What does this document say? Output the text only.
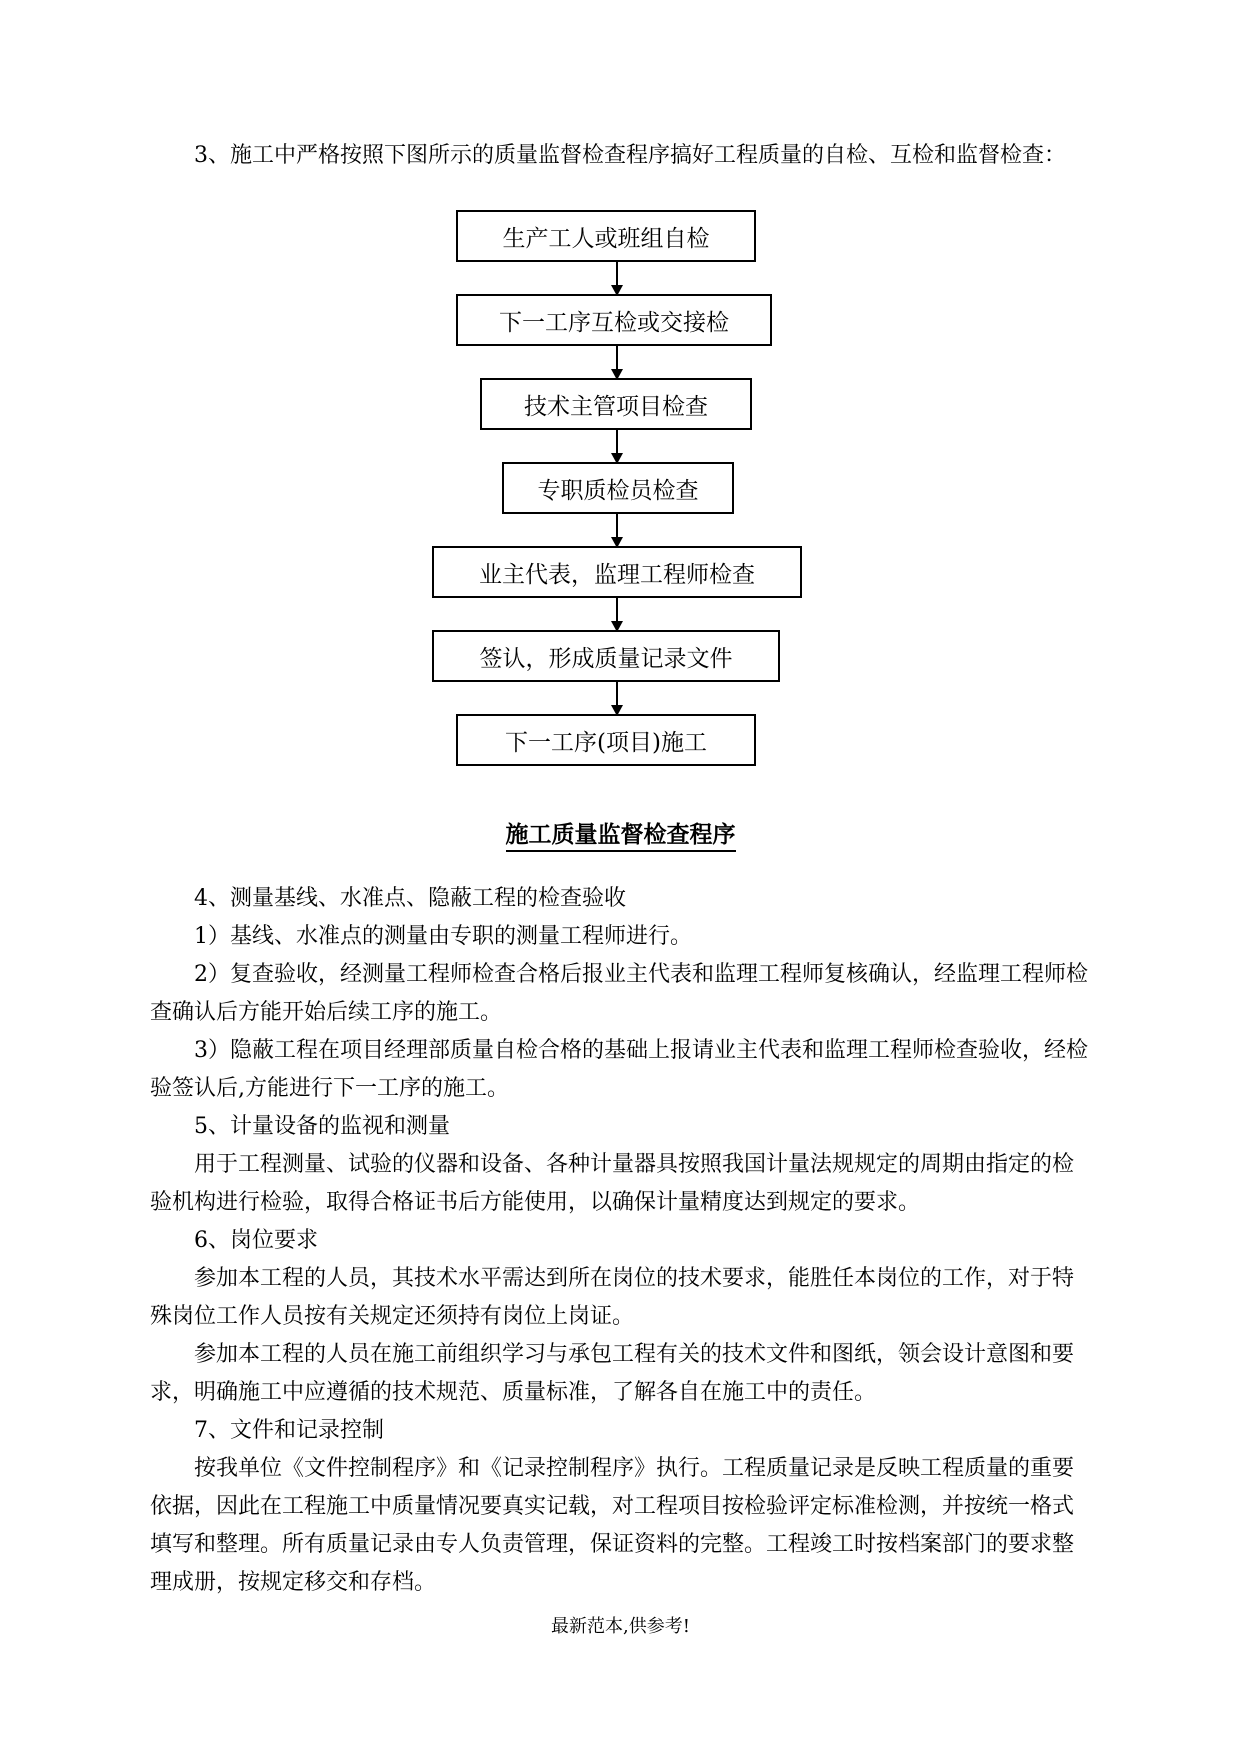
3、施工中严格按照下图所示的质量监督检查程序搞好工程质量的自检、互检和监督检查：

生产工人或班组自检
下一工序互检或交接检
技术主管项目检查
专职质检员检查
业主代表，监理工程师检查
签认，形成质量记录文件
下一工序(项目)施工
施工质量监督检查程序

4、测量基线、水准点、隐蔽工程的检查验收

1）基线、水准点的测量由专职的测量工程师进行。

2）复查验收，经测量工程师检查合格后报业主代表和监理工程师复核确认，经监理工程师检查确认后方能开始后续工序的施工。

3）隐蔽工程在项目经理部质量自检合格的基础上报请业主代表和监理工程师检查验收，经检验签认后,方能进行下一工序的施工。

5、计量设备的监视和测量

用于工程测量、试验的仪器和设备、各种计量器具按照我国计量法规规定的周期由指定的检验机构进行检验，取得合格证书后方能使用，以确保计量精度达到规定的要求。

6、岗位要求

参加本工程的人员，其技术水平需达到所在岗位的技术要求，能胜任本岗位的工作，对于特殊岗位工作人员按有关规定还须持有岗位上岗证。

参加本工程的人员在施工前组织学习与承包工程有关的技术文件和图纸，领会设计意图和要求，明确施工中应遵循的技术规范、质量标准，了解各自在施工中的责任。

7、文件和记录控制

按我单位《文件控制程序》和《记录控制程序》执行。工程质量记录是反映工程质量的重要依据，因此在工程施工中质量情况要真实记载，对工程项目按检验评定标准检测，并按统一格式填写和整理。所有质量记录由专人负责管理，保证资料的完整。工程竣工时按档案部门的要求整理成册，按规定移交和存档。

最新范本,供参考!
